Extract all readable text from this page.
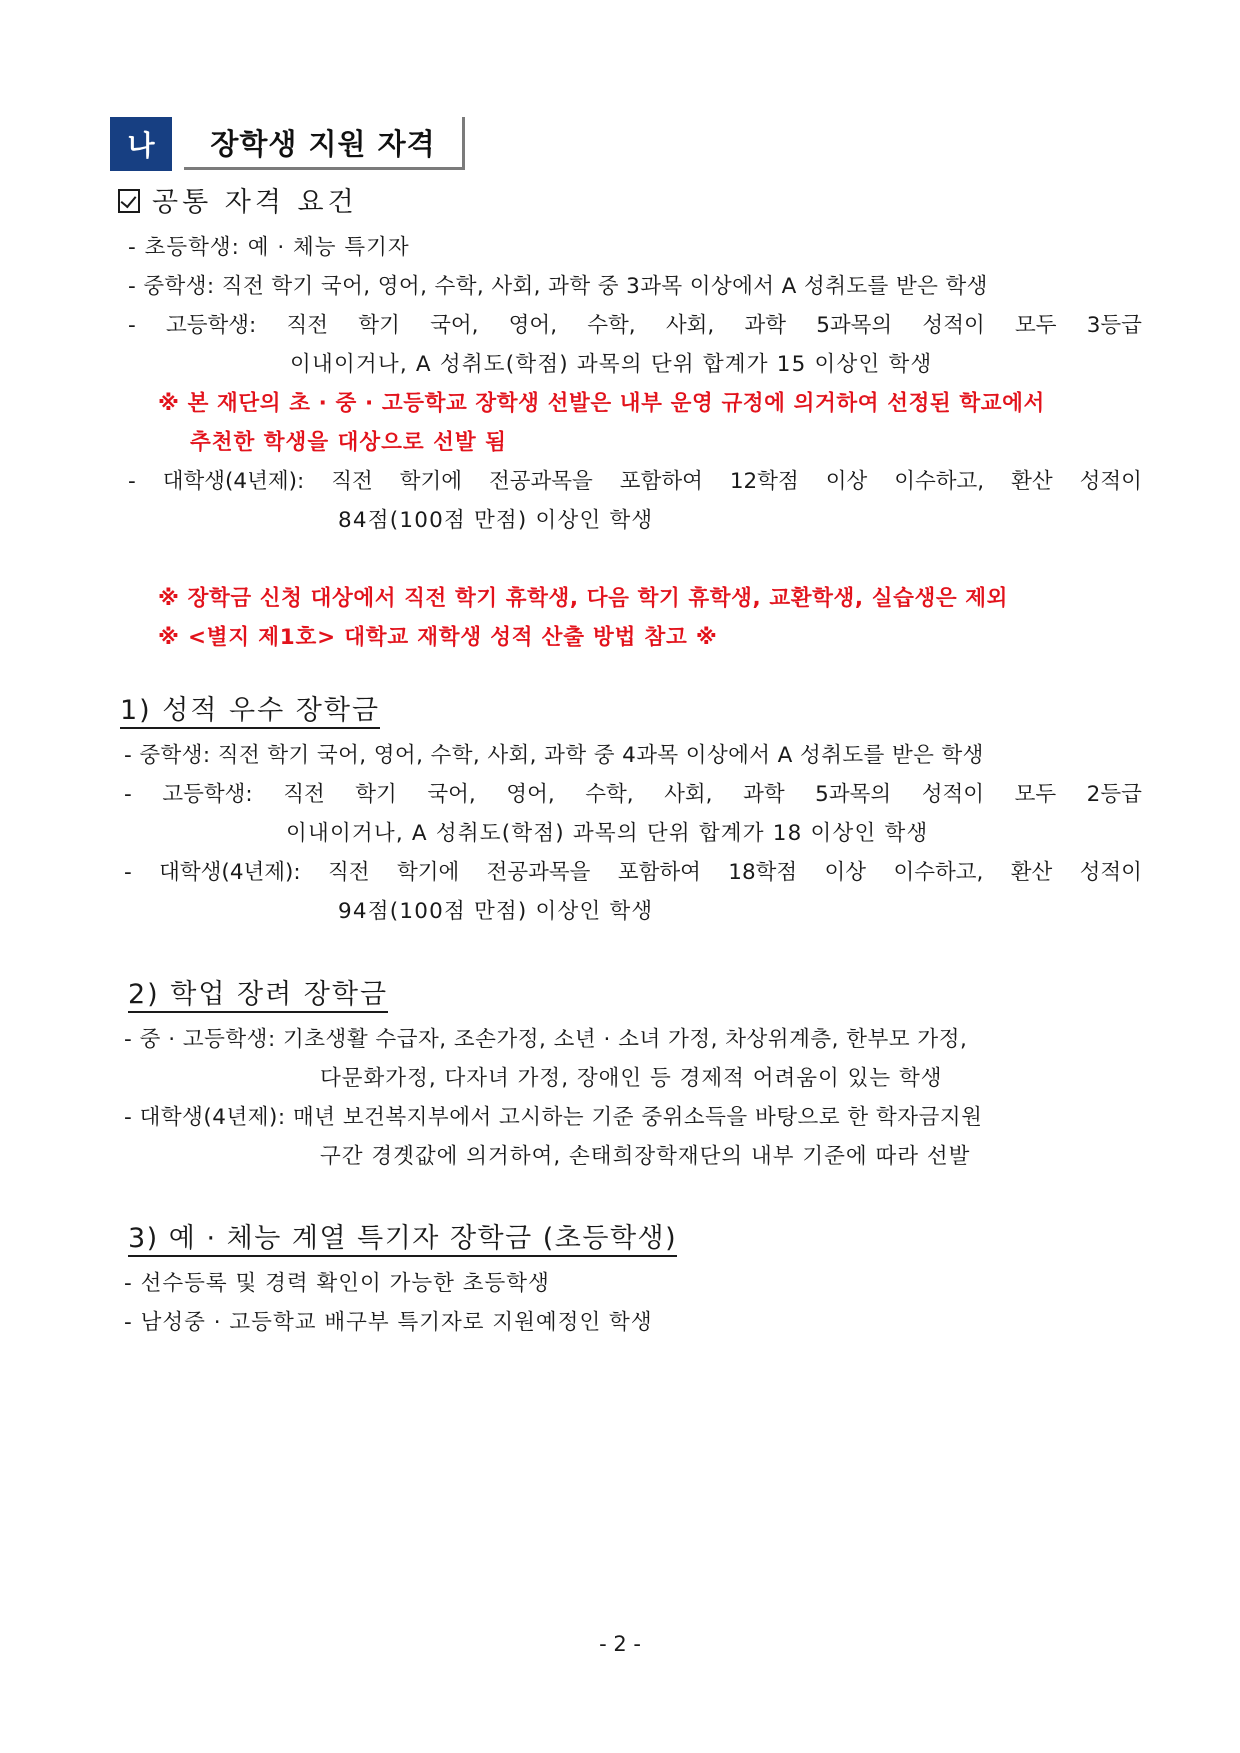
나	장학생 지원 자격
공통 자격 요건
- 초등학생: 예 · 체능 특기자
- 중학생: 직전 학기 국어, 영어, 수학, 사회, 과학 중 3과목 이상에서 A 성취도를 받은 학생
- 고등학생: 직전 학기 국어, 영어, 수학, 사회, 과학 5과목의 성적이 모두 3등급
이내이거나, A 성취도(학점) 과목의 단위 합계가 15 이상인 학생
※ 본 재단의 초 · 중 · 고등학교 장학생 선발은 내부 운영 규정에 의거하여 선정된 학교에서
추천한 학생을 대상으로 선발 됨
- 대학생(4년제): 직전 학기에 전공과목을 포함하여 12학점 이상 이수하고, 환산 성적이
84점(100점 만점) 이상인 학생
※ 장학금 신청 대상에서 직전 학기 휴학생, 다음 학기 휴학생, 교환학생, 실습생은 제외
※ <별지 제1호> 대학교 재학생 성적 산출 방법 참고 ※
1) 성적 우수 장학금
- 중학생: 직전 학기 국어, 영어, 수학, 사회, 과학 중 4과목 이상에서 A 성취도를 받은 학생
- 고등학생: 직전 학기 국어, 영어, 수학, 사회, 과학 5과목의 성적이 모두 2등급
이내이거나, A 성취도(학점) 과목의 단위 합계가 18 이상인 학생
- 대학생(4년제): 직전 학기에 전공과목을 포함하여 18학점 이상 이수하고, 환산 성적이
94점(100점 만점) 이상인 학생
2) 학업 장려 장학금
- 중 · 고등학생: 기초생활 수급자, 조손가정, 소년 · 소녀 가정, 차상위계층, 한부모 가정,
다문화가정, 다자녀 가정, 장애인 등 경제적 어려움이 있는 학생
- 대학생(4년제): 매년 보건복지부에서 고시하는 기준 중위소득을 바탕으로 한 학자금지원
구간 경곗값에 의거하여, 손태희장학재단의 내부 기준에 따라 선발
3) 예 · 체능 계열 특기자 장학금 (초등학생)
- 선수등록 및 경력 확인이 가능한 초등학생
- 남성중 · 고등학교 배구부 특기자로 지원예정인 학생
- 2 -
